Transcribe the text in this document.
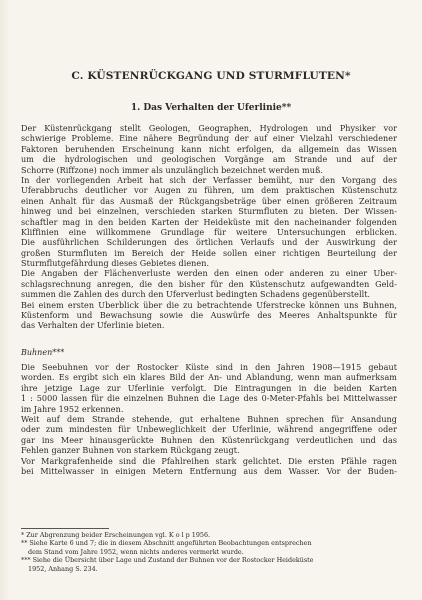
C. KÜSTENRÜCKGANG UND STURMFLUTEN*
1. Das Verhalten der Uferlinie**
Der Küstenrückgang stellt Geologen, Geographen, Hydrologen und Physiker vor
schwierige Probleme. Eine nähere Begründung der auf einer Vielzahl verschiedener
Faktoren beruhenden Erscheinung kann nicht erfolgen, da allgemein das Wissen
um die hydrologischen und geologischen Vorgänge am Strande und auf der
Schorre (Riffzone) noch immer als unzulänglich bezeichnet werden muß.
In der vorliegenden Arbeit hat sich der Verfasser bemüht, nur den Vorgang des
Uferabbruchs deutlicher vor Augen zu führen, um dem praktischen Küstenschutz
einen Anhalt für das Ausmaß der Rückgangsbeträge über einen größeren Zeitraum
hinweg und bei einzelnen, verschieden starken Sturmfluten zu bieten. Der Wissen-
schaftler mag in den beiden Karten der Heideküste mit den nacheinander folgenden
Kliffinien eine willkommene Grundlage für weitere Untersuchungen erblicken.
Die ausführlichen Schilderungen des örtlichen Verlaufs und der Auswirkung der
großen Sturmfluten im Bereich der Heide sollen einer richtigen Beurteilung der
Sturmflutgefährdung dieses Gebietes dienen.
Die Angaben der Flächenverluste werden den einen oder anderen zu einer Über-
schlagsrechnung anregen, die den bisher für den Küstenschutz aufgewandten Geld-
summen die Zahlen des durch den Uferverlust bedingten Schadens gegenüberstellt.
Bei einem ersten Überblick über die zu betrachtende Uferstrecke können uns Buhnen,
Küstenform und Bewachsung sowie die Auswürfe des Meeres Anhaltspunkte für
das Verhalten der Uferlinie bieten.
Buhnen***
Die Seebuhnen vor der Rostocker Küste sind in den Jahren 1908—1915 gebaut
worden. Es ergibt sich ein klares Bild der An- und Ablandung, wenn man aufmerksam
ihre jetzige Lage zur Uferlinie verfolgt. Die Eintragungen in die beiden Karten
1 : 5000 lassen für die einzelnen Buhnen die Lage des 0-Meter-Pfahls bei Mittelwasser
im Jahre 1952 erkennen.
Weit auf dem Strande stehende, gut erhaltene Buhnen sprechen für Ansandung
oder zum mindesten für Unbeweglichkeit der Uferlinie, während angegriffene oder
gar ins Meer hinausgerückte Buhnen den Küstenrückgang verdeutlichen und das
Fehlen ganzer Buhnen von starkem Rückgang zeugt.
Vor Markgrafenheide sind die Pfahlreihen stark gelichtet. Die ersten Pfähle ragen
bei Mittelwasser in einigen Metern Entfernung aus dem Wasser. Vor der Buden-
* Zur Abgrenzung beider Erscheinungen vgl. K o l p 1956.
** Siehe Karte 6 und 7; die in diesem Abschnitt angeführten Beobachtungen entsprechen
dem Stand vom Jahre 1952, wenn nichts anderes vermerkt wurde.
*** Siehe die Übersicht über Lage und Zustand der Buhnen vor der Rostocker Heideküste
1952, Anhang S. 234.
